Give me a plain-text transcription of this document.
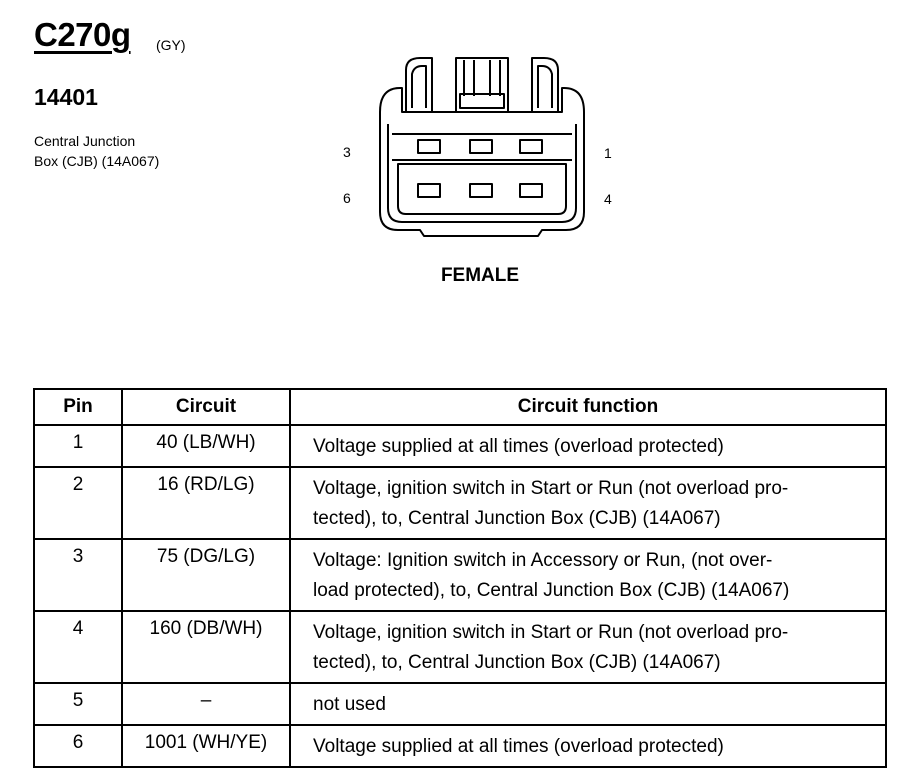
C270g (GY)
14401
Central Junction
Box (CJB) (14A067)
3	1
6	4
FEMALE
Pin	Circuit	Circuit function
1	40 (LB/WH)	Voltage supplied at all times (overload protected)

2	16 (RD/LG)	Voltage, ignition switch in Start or Run (not overload pro-
tected), to, Central Junction Box (CJB) (14A067)

3	75 (DG/LG)	Voltage: Ignition switch in Accessory or Run, (not over-
load protected), to, Central Junction Box (CJB) (14A067)

4	160 (DB/WH)	Voltage, ignition switch in Start or Run (not overload pro-
tected), to, Central Junction Box (CJB) (14A067)

5	–	not used

6	1001 (WH/YE)	Voltage supplied at all times (overload protected)
